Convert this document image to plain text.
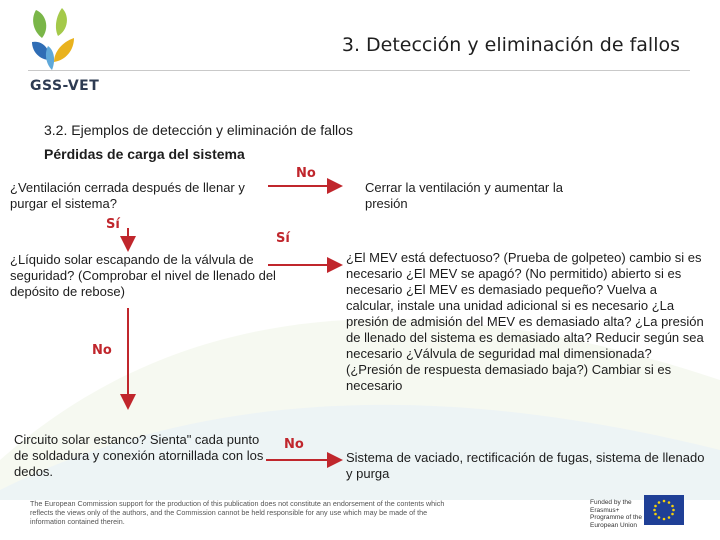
3. Detección y eliminación de fallos
GSS-VET
3.2. Ejemplos de detección y eliminación de fallos
Pérdidas de carga del sistema
¿Ventilación cerrada después de llenar y purgar el sistema?
No
Cerrar la ventilación y aumentar la presión
Sí
¿Líquido solar escapando de la válvula de seguridad? (Comprobar el nivel de llenado del depósito de rebose)
Sí
¿El MEV está defectuoso? (Prueba de golpeteo) cambio si es necesario ¿El MEV se apagó? (No permitido) abierto si es necesario ¿El MEV es demasiado pequeño? Vuelva a calcular, instale una unidad adicional si es necesario ¿La presión de admisión del MEV es demasiado alta? ¿La presión de llenado del sistema es demasiado alta? Reducir según sea necesario ¿Válvula de seguridad mal dimensionada? (¿Presión de respuesta demasiado baja?) Cambiar si es necesario
No
Circuito solar estanco? Sienta" cada punto de soldadura y conexión atornillada con los dedos.
No
Sistema de vaciado, rectificación de fugas, sistema de llenado y purga
The European Commission support for the production of this publication does not constitute an endorsement of the contents which reflects the views only of the authors, and the Commission cannot be held responsible for any use which may be made of the information contained therein.
Funded by the Erasmus+ Programme of the European Union
